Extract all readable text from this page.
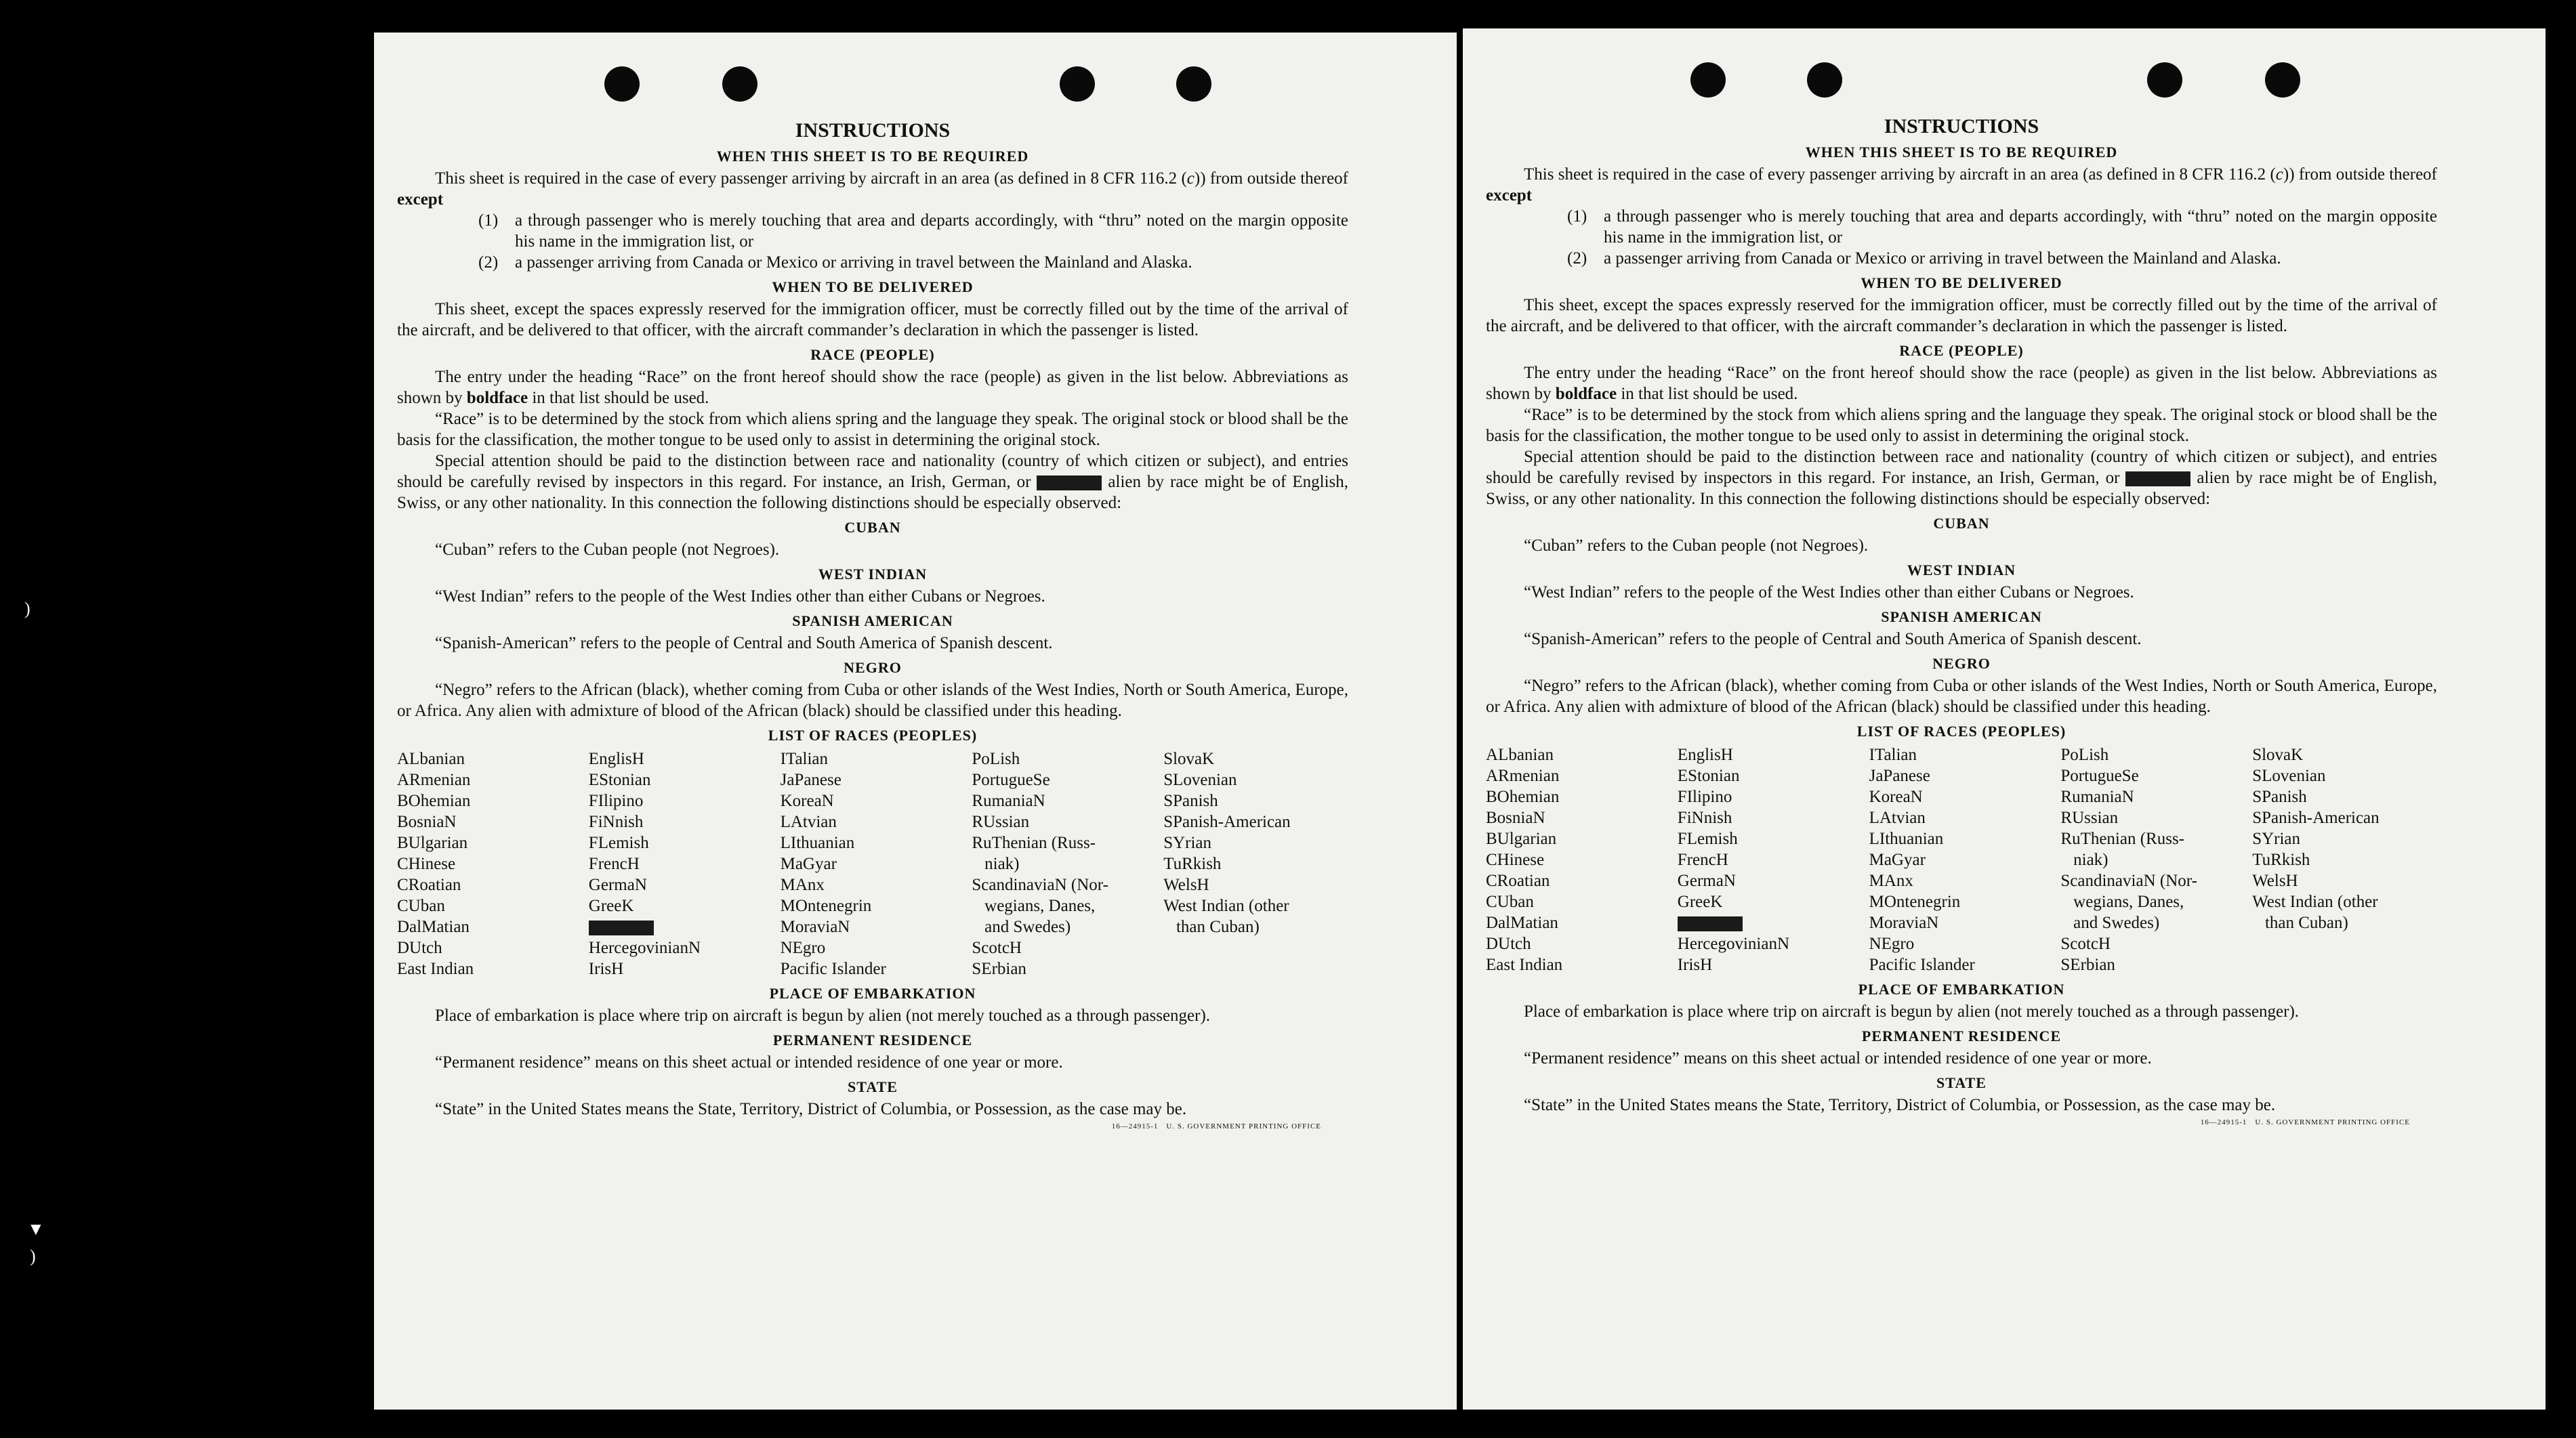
INSTRUCTIONS
WHEN THIS SHEET IS TO BE REQUIRED

This sheet is required in the case of every passenger arriving by aircraft in an area (as defined in 8 CFR 116.2 (c)) from outside thereof except

(1) a through passenger who is merely touching that area and departs accordingly, with “thru” noted on the margin opposite his name in the immigration list, or
(2) a passenger arriving from Canada or Mexico or arriving in travel between the Mainland and Alaska.
WHEN TO BE DELIVERED

This sheet, except the spaces expressly reserved for the immigration officer, must be correctly filled out by the time of the arrival of the aircraft, and be delivered to that officer, with the aircraft commander’s declaration in which the passenger is listed.

RACE (PEOPLE)

The entry under the heading “Race” on the front hereof should show the race (people) as given in the list below. Abbreviations as shown by boldface in that list should be used.

“Race” is to be determined by the stock from which aliens spring and the language they speak. The original stock or blood shall be the basis for the classification, the mother tongue to be used only to assist in determining the original stock.

Special attention should be paid to the distinction between race and nationality (country of which citizen or subject), and entries should be carefully revised by inspectors in this regard. For instance, an Irish, German, or	alien by race might be of English, Swiss, or any other nationality. In this connection the following distinctions should be especially observed:

CUBAN

“Cuban” refers to the Cuban people (not Negroes).

WEST INDIAN

“West Indian” refers to the people of the West Indies other than either Cubans or Negroes.

SPANISH AMERICAN

“Spanish-American” refers to the people of Central and South America of Spanish descent.

NEGRO

“Negro” refers to the African (black), whether coming from Cuba or other islands of the West Indies, North or South America, Europe, or Africa. Any alien with admixture of blood of the African (black) should be classified under this heading.

LIST OF RACES (PEOPLES)
ALbanian
ARmenian
BOhemian
BosniaN
BUlgarian
CHinese
CRoatian
CUban
DalMatian
DUtch
East Indian
EnglisH
EStonian
FIlipino
FiNnish
FLemish
FrencH
GermaN
GreeK
HercegovinianN
IrisH
ITalian
JaPanese
KoreaN
LAtvian
LIthuanian
MaGyar
MAnx
MOntenegrin
MoraviaN
NEgro
Pacific Islander
PoLish
PortugueSe
RumaniaN
RUssian
RuThenian (Russ-
niak)
ScandinaviaN (Nor-
wegians, Danes,
and Swedes)
ScotcH
SErbian
SlovaK
SLovenian
SPanish
SPanish-American
SYrian
TuRkish
WelsH
West Indian (other
than Cuban)
PLACE OF EMBARKATION

Place of embarkation is place where trip on aircraft is begun by alien (not merely touched as a through passenger).

PERMANENT RESIDENCE

“Permanent residence” means on this sheet actual or intended residence of one year or more.

STATE

“State” in the United States means the State, Territory, District of Columbia, or Possession, as the case may be.

16—24915-1 U. S. GOVERNMENT PRINTING OFFICE
INSTRUCTIONS
WHEN THIS SHEET IS TO BE REQUIRED

This sheet is required in the case of every passenger arriving by aircraft in an area (as defined in 8 CFR 116.2 (c)) from outside thereof except

(1) a through passenger who is merely touching that area and departs accordingly, with “thru” noted on the margin opposite his name in the immigration list, or
(2) a passenger arriving from Canada or Mexico or arriving in travel between the Mainland and Alaska.
WHEN TO BE DELIVERED

This sheet, except the spaces expressly reserved for the immigration officer, must be correctly filled out by the time of the arrival of the aircraft, and be delivered to that officer, with the aircraft commander’s declaration in which the passenger is listed.

RACE (PEOPLE)

The entry under the heading “Race” on the front hereof should show the race (people) as given in the list below. Abbreviations as shown by boldface in that list should be used.

“Race” is to be determined by the stock from which aliens spring and the language they speak. The original stock or blood shall be the basis for the classification, the mother tongue to be used only to assist in determining the original stock.

Special attention should be paid to the distinction between race and nationality (country of which citizen or subject), and entries should be carefully revised by inspectors in this regard. For instance, an Irish, German, or	alien by race might be of English, Swiss, or any other nationality. In this connection the following distinctions should be especially observed:

CUBAN

“Cuban” refers to the Cuban people (not Negroes).

WEST INDIAN

“West Indian” refers to the people of the West Indies other than either Cubans or Negroes.

SPANISH AMERICAN

“Spanish-American” refers to the people of Central and South America of Spanish descent.

NEGRO

“Negro” refers to the African (black), whether coming from Cuba or other islands of the West Indies, North or South America, Europe, or Africa. Any alien with admixture of blood of the African (black) should be classified under this heading.

LIST OF RACES (PEOPLES)
ALbanian
ARmenian
BOhemian
BosniaN
BUlgarian
CHinese
CRoatian
CUban
DalMatian
DUtch
East Indian
EnglisH
EStonian
FIlipino
FiNnish
FLemish
FrencH
GermaN
GreeK
HercegovinianN
IrisH
ITalian
JaPanese
KoreaN
LAtvian
LIthuanian
MaGyar
MAnx
MOntenegrin
MoraviaN
NEgro
Pacific Islander
PoLish
PortugueSe
RumaniaN
RUssian
RuThenian (Russ-
niak)
ScandinaviaN (Nor-
wegians, Danes,
and Swedes)
ScotcH
SErbian
SlovaK
SLovenian
SPanish
SPanish-American
SYrian
TuRkish
WelsH
West Indian (other
than Cuban)
PLACE OF EMBARKATION

Place of embarkation is place where trip on aircraft is begun by alien (not merely touched as a through passenger).

PERMANENT RESIDENCE

“Permanent residence” means on this sheet actual or intended residence of one year or more.

STATE

“State” in the United States means the State, Territory, District of Columbia, or Possession, as the case may be.

16—24915-1 U. S. GOVERNMENT PRINTING OFFICE
)
▼
)
